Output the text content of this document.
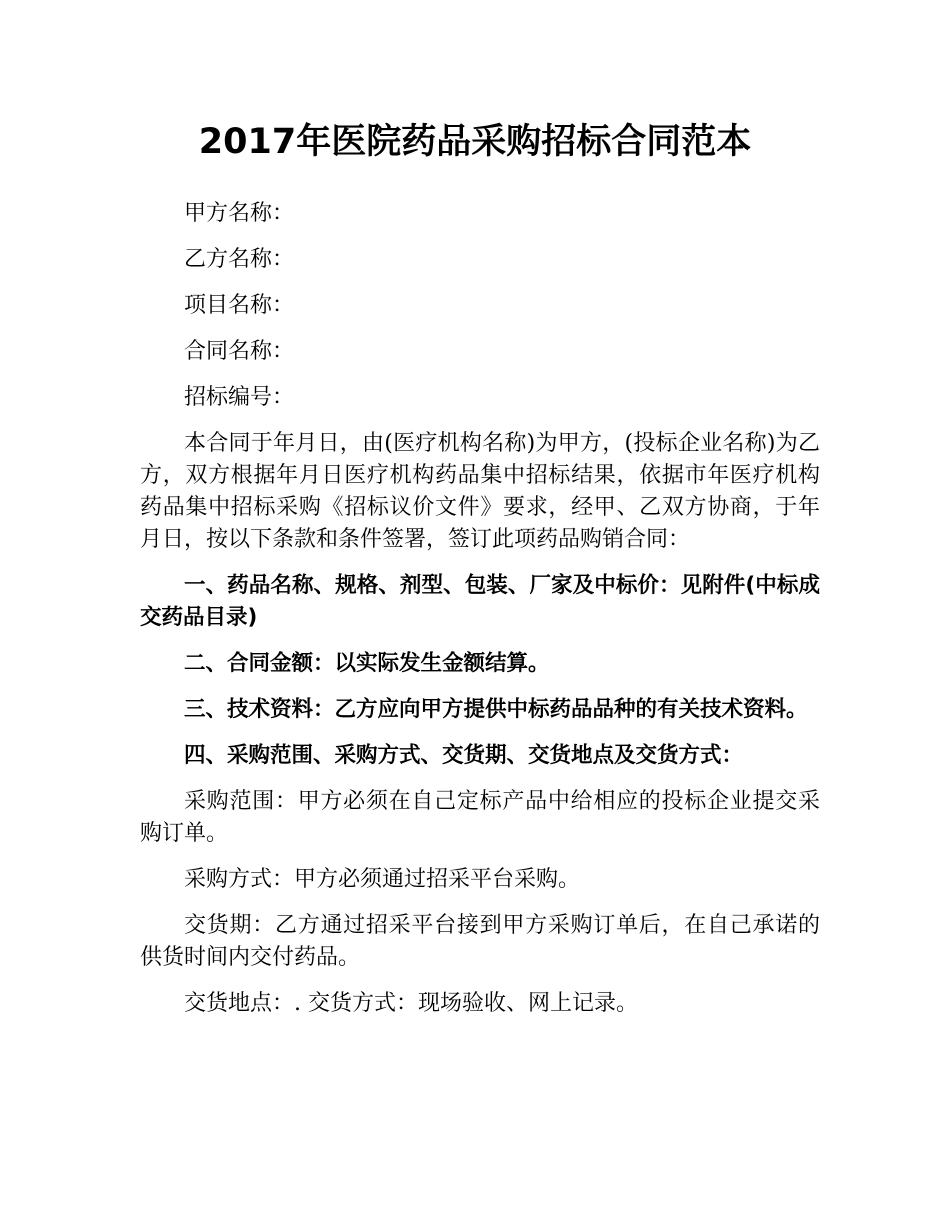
2017年医院药品采购招标合同范本

甲方名称：

乙方名称：

项目名称：

合同名称：

招标编号：

本合同于年月日，由(医疗机构名称)为甲方，(投标企业名称)为乙方，双方根据年月日医疗机构药品集中招标结果，依据市年医疗机构药品集中招标采购《招标议价文件》要求，经甲、乙双方协商，于年月日，按以下条款和条件签署，签订此项药品购销合同：

一、药品名称、规格、剂型、包装、厂家及中标价：见附件(中标成交药品目录)

二、合同金额：以实际发生金额结算。

三、技术资料：乙方应向甲方提供中标药品品种的有关技术资料。

四、采购范围、采购方式、交货期、交货地点及交货方式：

采购范围：甲方必须在自己定标产品中给相应的投标企业提交采购订单。

采购方式：甲方必须通过招采平台采购。

交货期：乙方通过招采平台接到甲方采购订单后，在自己承诺的供货时间内交付药品。

交货地点：. 交货方式：现场验收、网上记录。
